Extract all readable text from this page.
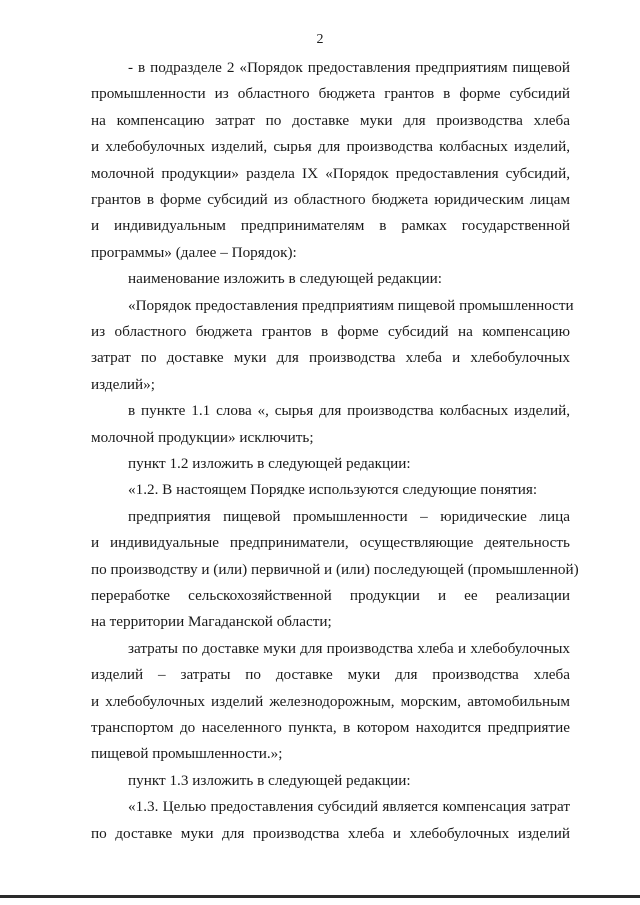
2
- в подразделе 2 «Порядок предоставления предприятиям пищевой
промышленности из областного бюджета грантов в форме субсидий
на компенсацию затрат по доставке муки для производства хлеба
и хлебобулочных изделий, сырья для производства колбасных изделий,
молочной продукции» раздела IX «Порядок предоставления субсидий,
грантов в форме субсидий из областного бюджета юридическим лицам
и индивидуальным предпринимателям в рамках государственной
программы» (далее – Порядок):
наименование изложить в следующей редакции:
«Порядок предоставления предприятиям пищевой промышленности
из областного бюджета грантов в форме субсидий на компенсацию
затрат по доставке муки для производства хлеба и хлебобулочных
изделий»;
в пункте 1.1 слова «, сырья для производства колбасных изделий,
молочной продукции» исключить;
пункт 1.2 изложить в следующей редакции:
«1.2. В настоящем Порядке используются следующие понятия:
предприятия пищевой промышленности – юридические лица
и индивидуальные предприниматели, осуществляющие деятельность
по производству и (или) первичной и (или) последующей (промышленной)
переработке сельскохозяйственной продукции и ее реализации
на территории Магаданской области;
затраты по доставке муки для производства хлеба и хлебобулочных
изделий – затраты по доставке муки для производства хлеба
и хлебобулочных изделий железнодорожным, морским, автомобильным
транспортом до населенного пункта, в котором находится предприятие
пищевой промышленности.»;
пункт 1.3 изложить в следующей редакции:
«1.3. Целью предоставления субсидий является компенсация затрат
по доставке муки для производства хлеба и хлебобулочных изделий
